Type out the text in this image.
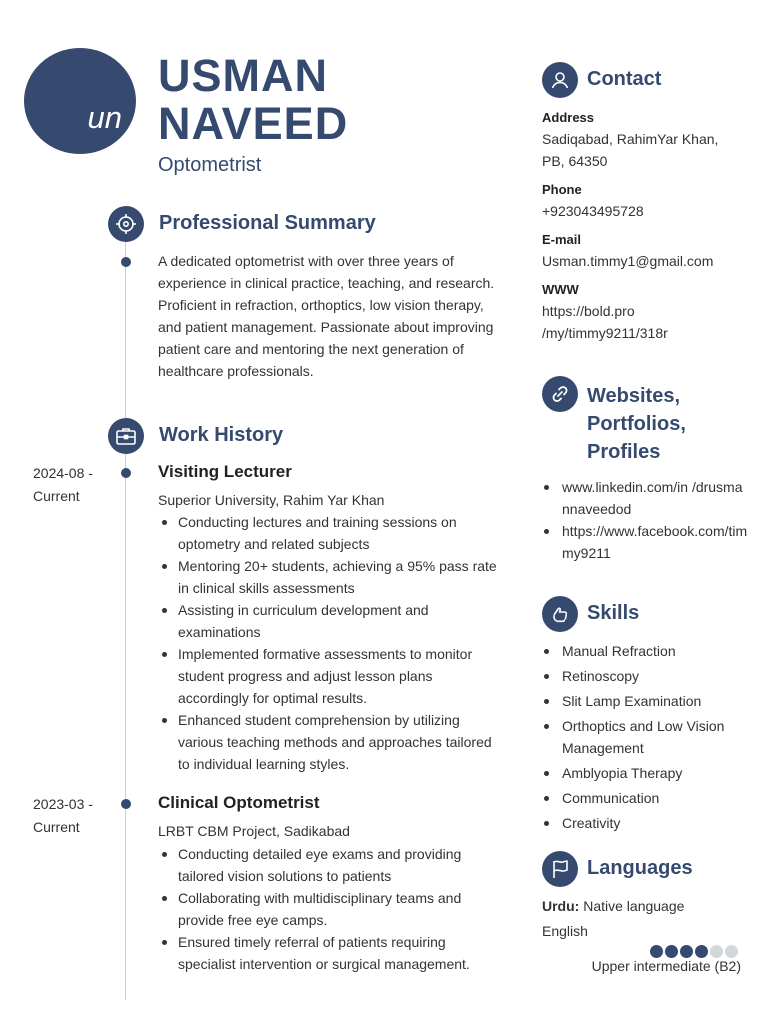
un
USMAN
NAVEED
Optometrist
Professional Summary
A dedicated optometrist with over three years of experience in clinical practice, teaching, and research. Proficient in refraction, orthoptics, low vision therapy, and patient management. Passionate about improving patient care and mentoring the next generation of healthcare professionals.
Work History
2024-08 -
Current
Visiting Lecturer
Superior University, Rahim Yar Khan
Conducting lectures and training sessions on optometry and related subjects
Mentoring 20+ students, achieving a 95% pass rate in clinical skills assessments
Assisting in curriculum development and examinations
Implemented formative assessments to monitor student progress and adjust lesson plans accordingly for optimal results.
Enhanced student comprehension by utilizing various teaching methods and approaches tailored to individual learning styles.
2023-03 -
Current
Clinical Optometrist
LRBT CBM Project, Sadikabad
Conducting detailed eye exams and providing tailored vision solutions to patients
Collaborating with multidisciplinary teams and provide free eye camps.
Ensured timely referral of patients requiring specialist intervention or surgical management.
Contact
Address
Sadiqabad, RahimYar Khan, PB, 64350
Phone
+923043495728
E-mail
Usman.timmy1@gmail.com
WWW
https://bold.pro
/my/timmy9211/318r
Websites,
Portfolios,
Profiles
www.linkedin.com/in /drusmannaveedod
https://www.facebook.com/timmy9211
Skills
Manual Refraction
Retinoscopy
Slit Lamp Examination
Orthoptics and Low Vision Management
Amblyopia Therapy
Communication
Creativity
Languages
Urdu: Native language
English
Upper intermediate (B2)
